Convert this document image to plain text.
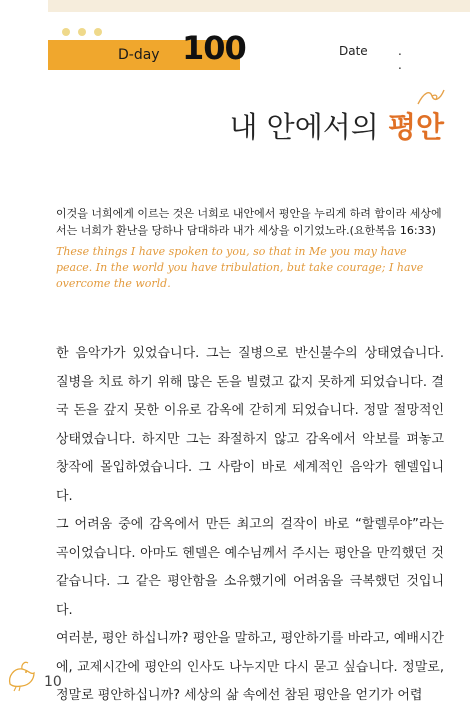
D-day 100	Date	. .
내 안에서의 평안
이것을 너희에게 이르는 것은 너희로 내안에서 평안을 누리게 하려 함이라 세상에서는 너희가 환난을 당하나 담대하라 내가 세상을 이기었노라.(요한복음 16:33)
These things I have spoken to you, so that in Me you may have peace. In the world you have tribulation, but take courage; I have overcome the world.

한 음악가가 있었습니다. 그는 질병으로 반신불수의 상태였습니다. 질병을 치료 하기 위해 많은 돈을 빌렸고 값지 못하게 되었습니다. 결국 돈을 갚지 못한 이유로 감옥에 갇히게 되었습니다. 정말 절망적인 상태였습니다. 하지만 그는 좌절하지 않고 감옥에서 악보를 펴놓고 창작에 몰입하였습니다. 그 사람이 바로 세계적인 음악가 헨델입니다.

그 어려움 중에 감옥에서 만든 최고의 걸작이 바로 “할렐루야”라는 곡이었습니다. 아마도 헨델은 예수님께서 주시는 평안을 만끽했던 것 같습니다. 그 같은 평안함을 소유했기에 어려움을 극복했던 것입니다.

여러분, 평안 하십니까? 평안을 말하고, 평안하기를 바라고, 예배시간에, 교제시간에 평안의 인사도 나누지만 다시 묻고 싶습니다. 정말로, 정말로 평안하십니까? 세상의 삶 속에선 참된 평안을 얻기가 어렵

10
